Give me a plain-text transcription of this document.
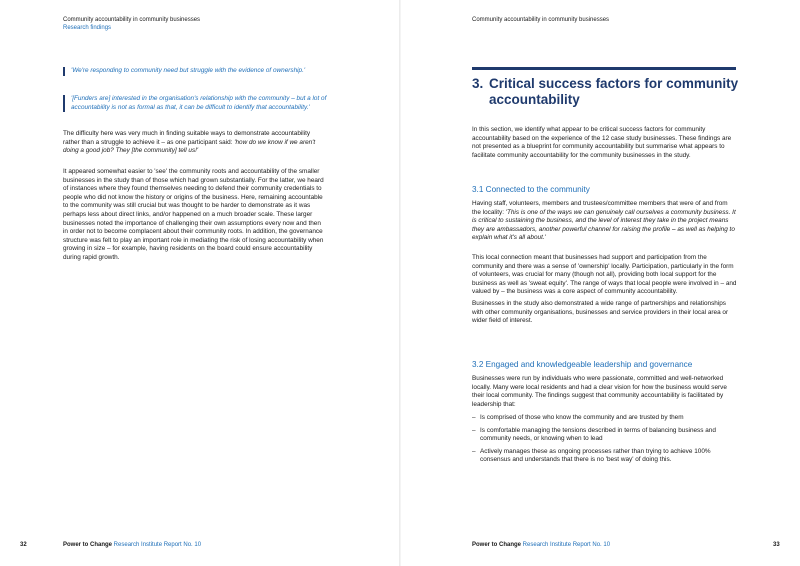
Community accountability in community businesses
Research findings
'We're responding to community need but struggle with the evidence of ownership.'
'[Funders are] interested in the organisation's relationship with the community – but a lot of accountability is not as formal as that, it can be difficult to identify that accountability.'

The difficulty here was very much in finding suitable ways to demonstrate accountability rather than a struggle to achieve it – as one participant said: 'how do we know if we aren't doing a good job? They [the community] tell us!'

It appeared somewhat easier to 'see' the community roots and accountability of the smaller businesses in the study than of those which had grown substantially. For the latter, we heard of instances where they found themselves needing to defend their community credentials to people who did not know the history or origins of the business. Here, remaining accountable to the community was still crucial but was thought to be harder to demonstrate as it was perhaps less about direct links, and/or happened on a much broader scale. These larger businesses noted the importance of challenging their own assumptions every now and then in order not to become complacent about their community roots. In addition, the governance structure was felt to play an important role in mediating the risk of losing accountability when growing in size – for example, having residents on the board could ensure accountability during rapid growth.

32	Power to Change Research Institute Report No. 10
Community accountability in community businesses
3. Critical success factors for community
accountability

In this section, we identify what appear to be critical success factors for community accountability based on the experience of the 12 case study businesses. These findings are not presented as a blueprint for community accountability but summarise what appears to facilitate community accountability for the community businesses in the study.

3.1 Connected to the community

Having staff, volunteers, members and trustees/committee members that were of and from the locality: 'This is one of the ways we can genuinely call ourselves a community business. It is critical to sustaining the business, and the level of interest they take in the project means they are ambassadors, another powerful channel for raising the profile – as well as helping to explain what it's all about.'

This local connection meant that businesses had support and participation from the community and there was a sense of 'ownership' locally. Participation, particularly in the form of volunteers, was crucial for many (though not all), providing both local support for the business as well as 'sweat equity'. The range of ways that local people were involved in – and valued by – the business was a core aspect of community accountability.

Businesses in the study also demonstrated a wide range of partnerships and relationships with other community organisations, businesses and service providers in their local area or wider field of interest.

3.2 Engaged and knowledgeable leadership and governance

Businesses were run by individuals who were passionate, committed and well-networked locally. Many were local residents and had a clear vision for how the business would serve their local community. The findings suggest that community accountability is facilitated by leadership that:

– Is comprised of those who know the community and are trusted by them
– Is comfortable managing the tensions described in terms of balancing business and community needs, or knowing when to lead
– Actively manages these as ongoing processes rather than trying to achieve 100% consensus and understands that there is no 'best way' of doing this.
Power to Change Research Institute Report No. 10	33
